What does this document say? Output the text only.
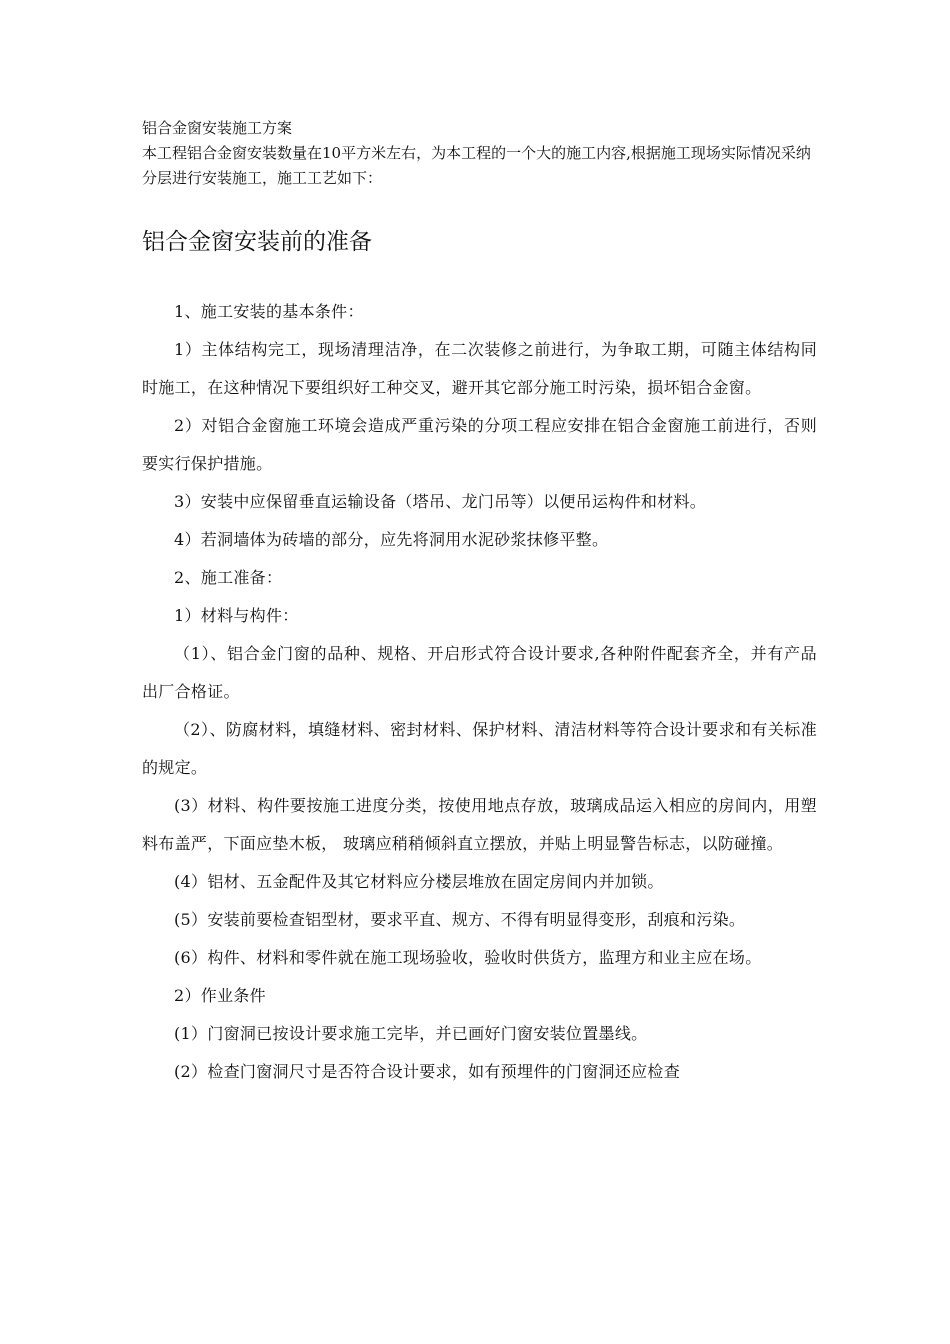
铝合金窗安装施工方案

本工程铝合金窗安装数量在10平方米左右，为本工程的一个大的施工内容,根据施工现场实际情况采纳分层进行安装施工，施工工艺如下：

铝合金窗安装前的准备

1、施工安装的基本条件：

1）主体结构完工，现场清理洁净，在二次装修之前进行，为争取工期，可随主体结构同时施工，在这种情况下要组织好工种交叉，避开其它部分施工时污染，损坏铝合金窗。

2）对铝合金窗施工环境会造成严重污染的分项工程应安排在铝合金窗施工前进行，否则要实行保护措施。

3）安装中应保留垂直运输设备（塔吊、龙门吊等）以便吊运构件和材料。

4）若洞墙体为砖墙的部分，应先将洞用水泥砂浆抹修平整。

2、施工准备：

1）材料与构件：

（1）、铝合金门窗的品种、规格、开启形式符合设计要求,各种附件配套齐全，并有产品出厂合格证。

（2）、防腐材料，填缝材料、密封材料、保护材料、清洁材料等符合设计要求和有关标准的规定。

(3）材料、构件要按施工进度分类，按使用地点存放，玻璃成品运入相应的房间内，用塑料布盖严，下面应垫木板， 玻璃应稍稍倾斜直立摆放，并贴上明显警告标志，以防碰撞。

(4）铝材、五金配件及其它材料应分楼层堆放在固定房间内并加锁。

(5）安装前要检查铝型材，要求平直、规方、不得有明显得变形，刮痕和污染。

(6）构件、材料和零件就在施工现场验收，验收时供货方，监理方和业主应在场。

2）作业条件

(1）门窗洞已按设计要求施工完毕，并已画好门窗安装位置墨线。

(2）检查门窗洞尺寸是否符合设计要求，如有预埋件的门窗洞还应检查
